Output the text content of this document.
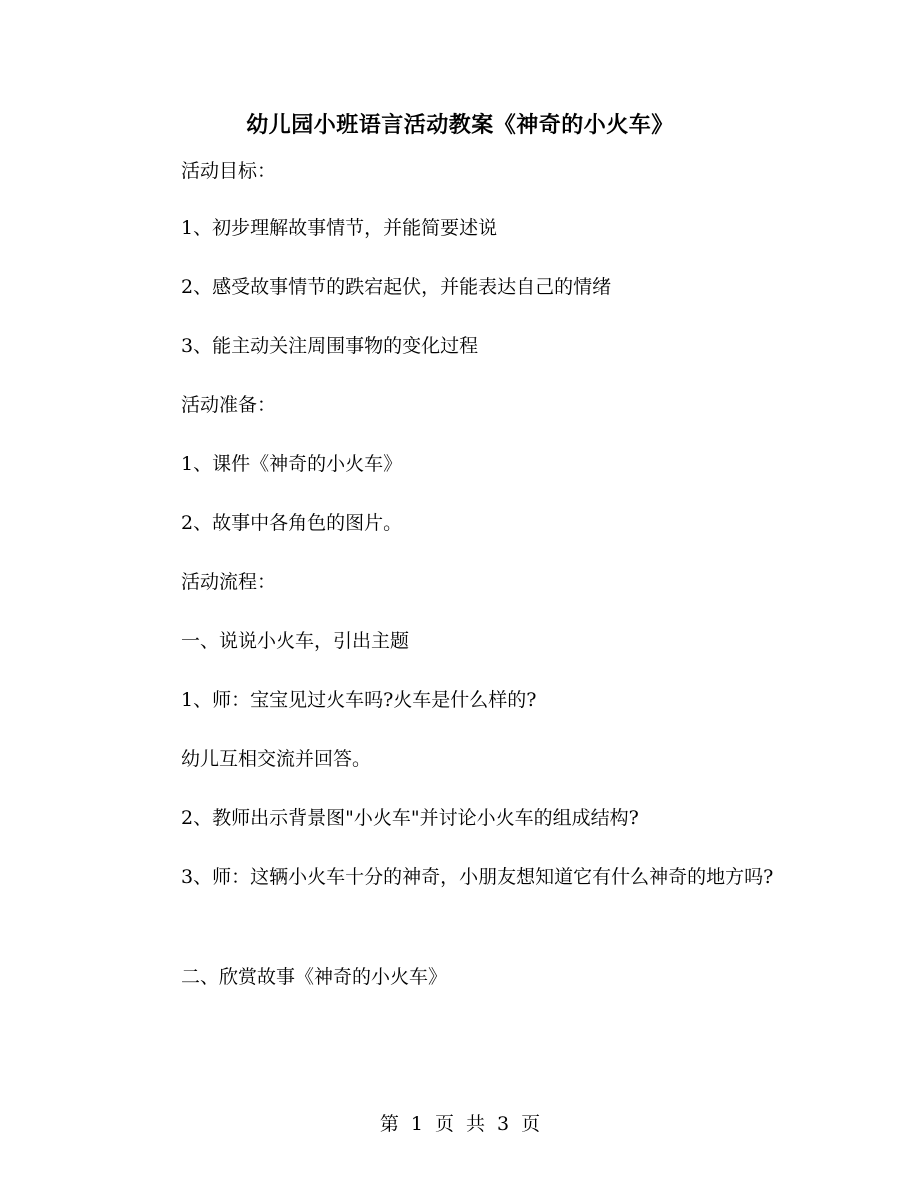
幼儿园小班语言活动教案《神奇的小火车》
活动目标：
1、初步理解故事情节，并能简要述说
2、感受故事情节的跌宕起伏，并能表达自己的情绪
3、能主动关注周围事物的变化过程
活动准备：
1、课件《神奇的小火车》
2、故事中各角色的图片。
活动流程：
一、说说小火车，引出主题
1、师：宝宝见过火车吗?火车是什么样的?
幼儿互相交流并回答。
2、教师出示背景图"小火车"并讨论小火车的组成结构?
3、师：这辆小火车十分的神奇，小朋友想知道它有什么神奇的地方吗?
二、欣赏故事《神奇的小火车》
第 1 页 共 3 页
